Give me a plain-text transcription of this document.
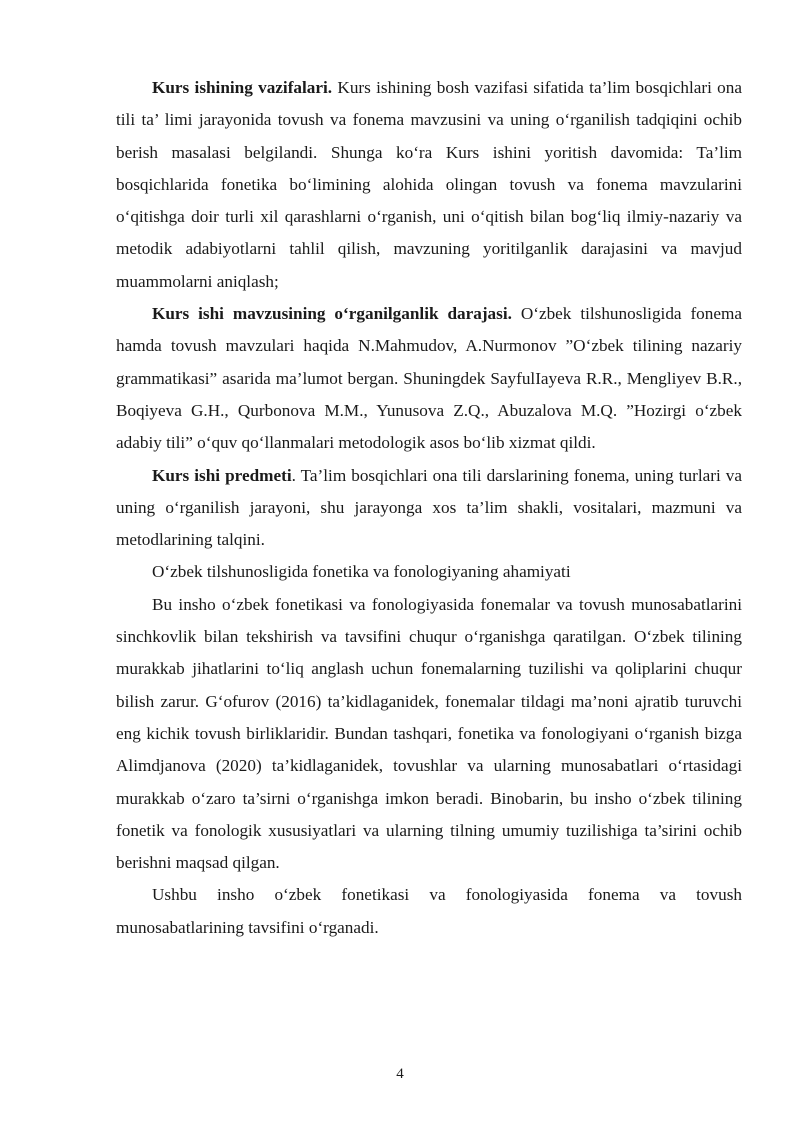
Kurs ishining vazifalari. Kurs ishining bosh vazifasi sifatida ta’lim bosqichlari ona tili ta’ limi jarayonida tovush va fonema mavzusini va uning o‘rganilish tadqiqini ochib berish masalasi belgilandi. Shunga ko‘ra Kurs ishini yoritish davomida: Ta’lim bosqichlarida fonetika bo‘limining alohida olingan tovush va fonema mavzularini o‘qitishga doir turli xil qarashlarni o‘rganish, uni o‘qitish bilan bog‘liq ilmiy-nazariy va metodik adabiyotlarni tahlil qilish, mavzuning yoritilganlik darajasini va mavjud muammolarni aniqlash;

Kurs ishi mavzusining o‘rganilganlik darajasi. O‘zbek tilshunosligida fonema hamda tovush mavzulari haqida N.Mahmudov, A.Nurmonov ”O‘zbek tilining nazariy grammatikasi” asarida ma’lumot bergan. Shuningdek SayfulIayeva R.R., Mengliyev B.R., Boqiyeva G.H., Qurbonova M.M., Yunusova Z.Q., Abuzalova M.Q. ”Hozirgi o‘zbek adabiy tili” o‘quv qo‘llanmalari metodologik asos bo‘lib xizmat qildi.

Kurs ishi predmeti. Ta’lim bosqichlari ona tili darslarining fonema, uning turlari va uning o‘rganilish jarayoni, shu jarayonga xos ta’lim shakli, vositalari, mazmuni va metodlarining talqini.

O‘zbek tilshunosligida fonetika va fonologiyaning ahamiyati

Bu insho o‘zbek fonetikasi va fonologiyasida fonemalar va tovush munosabatlarini sinchkovlik bilan tekshirish va tavsifini chuqur o‘rganishga qaratilgan. O‘zbek tilining murakkab jihatlarini to‘liq anglash uchun fonemalarning tuzilishi va qoliplarini chuqur bilish zarur. G‘ofurov (2016) ta’kidlaganidek, fonemalar tildagi ma’noni ajratib turuvchi eng kichik tovush birliklaridir. Bundan tashqari, fonetika va fonologiyani o‘rganish bizga Alimdjanova (2020) ta’kidlaganidek, tovushlar va ularning munosabatlari o‘rtasidagi murakkab o‘zaro ta’sirni o‘rganishga imkon beradi. Binobarin, bu insho o‘zbek tilining fonetik va fonologik xususiyatlari va ularning tilning umumiy tuzilishiga ta’sirini ochib berishni maqsad qilgan.

Ushbu insho o‘zbek fonetikasi va fonologiyasida fonema va tovush munosabatlarining tavsifini o‘rganadi.

4
